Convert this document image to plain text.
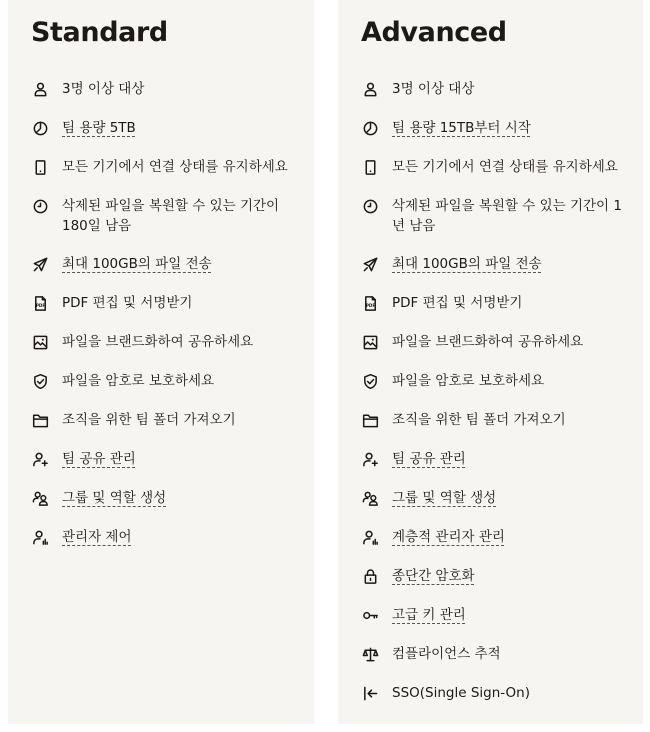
Standard
3명 이상 대상
팀 용량 5TB
모든 기기에서 연결 상태를 유지하세요
삭제된 파일을 복원할 수 있는 기간이 180일 남음
최대 100GB의 파일 전송
PDF PDF 편집 및 서명받기
파일을 브랜드화하여 공유하세요
파일을 암호로 보호하세요
조직을 위한 팀 폴더 가져오기
팀 공유 관리
그룹 및 역할 생성
관리자 제어
Advanced
3명 이상 대상
팀 용량 15TB부터 시작
모든 기기에서 연결 상태를 유지하세요
삭제된 파일을 복원할 수 있는 기간이 1년 남음
최대 100GB의 파일 전송
PDF PDF 편집 및 서명받기
파일을 브랜드화하여 공유하세요
파일을 암호로 보호하세요
조직을 위한 팀 폴더 가져오기
팀 공유 관리
그룹 및 역할 생성
계층적 관리자 관리
종단간 암호화
고급 키 관리
컴플라이언스 추적
SSO(Single Sign-On)
